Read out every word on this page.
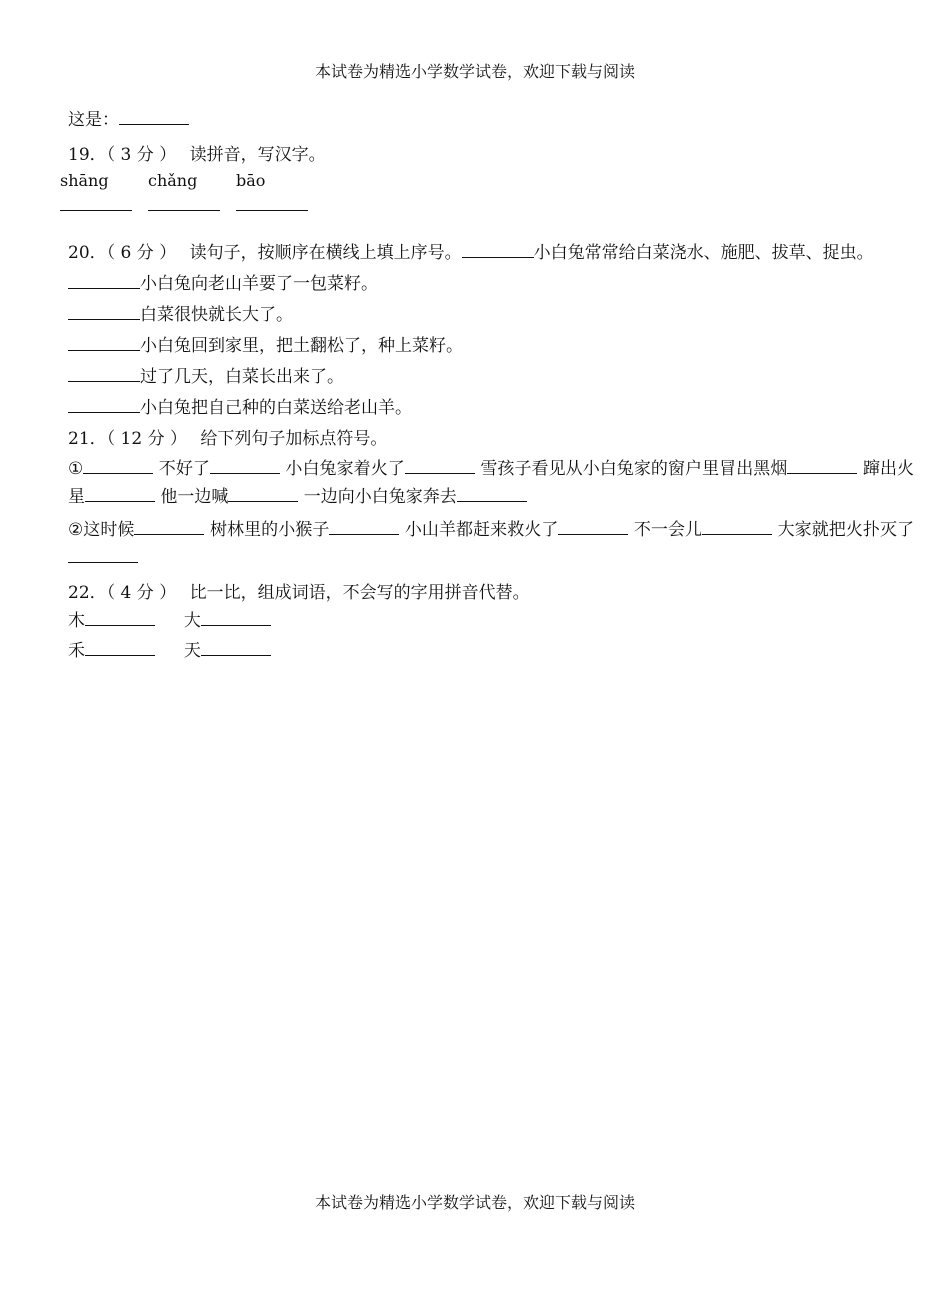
本试卷为精选小学数学试卷，欢迎下载与阅读
这是：
19．（ 3 分 ） 读拼音，写汉字。
shāng chǎng bāo
20．（ 6 分 ） 读句子，按顺序在横线上填上序号。	小白兔常常给白菜浇水、施肥、拔草、捉虫。
小白兔向老山羊要了一包菜籽。
白菜很快就长大了。
小白兔回到家里，把土翻松了，种上菜籽。
过了几天，白菜长出来了。
小白兔把自己种的白菜送给老山羊。
21．（ 12 分 ） 给下列句子加标点符号。
①	不好了	小白兔家着火了	雪孩子看见从小白兔家的窗户里冒出黑烟	蹿出火星	他一边喊	一边向小白兔家奔去
②这时候	树林里的小猴子	小山羊都赶来救火了	不一会儿	大家就把火扑灭了
22．（ 4 分 ） 比一比，组成词语，不会写的字用拼音代替。
木	大
禾	天
本试卷为精选小学数学试卷，欢迎下载与阅读
